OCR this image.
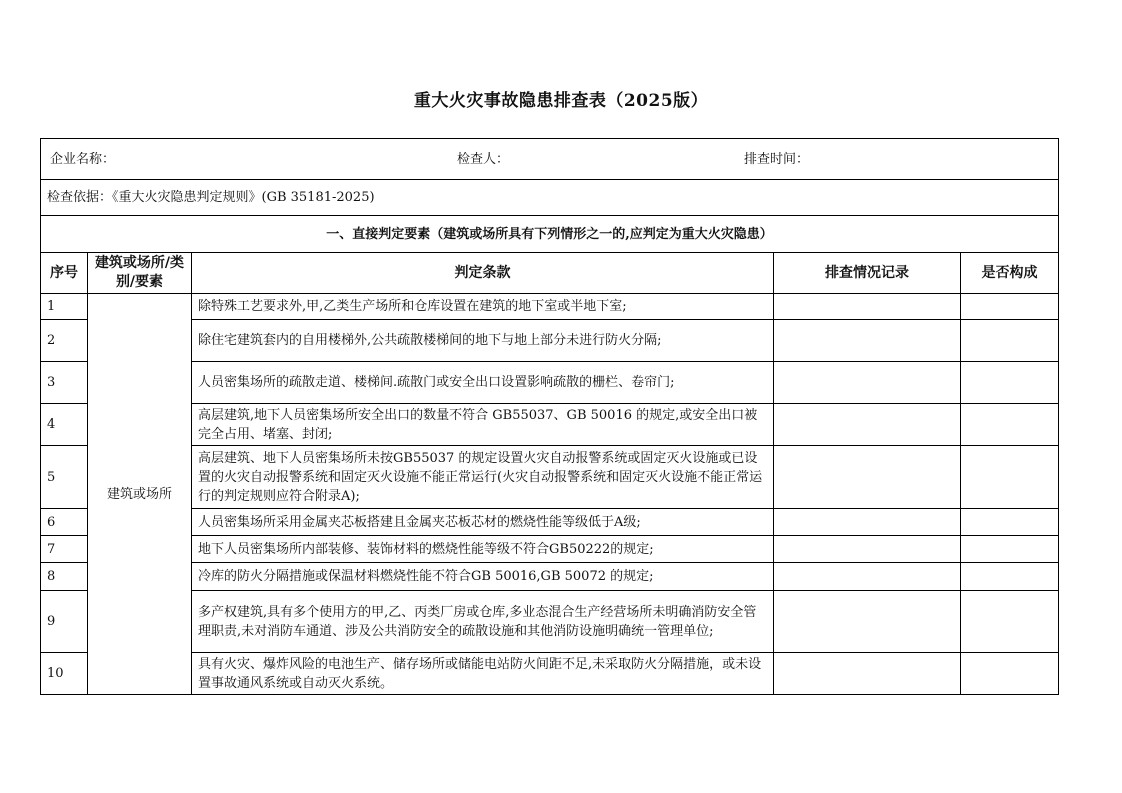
重大火灾事故隐患排查表（2025版）
企业名称： 检查人： 排查时间：				

检查依据：《重大火灾隐患判定规则》(GB 35181-2025)				
一、直接判定要素（建筑或场所具有下列情形之一的,应判定为重大火灾隐患）				
序号	建筑或场所/类别/要素	判定条款	排查情况记录	是否构成
1	建筑或场所	除特殊工艺要求外,甲,乙类生产场所和仓库设置在建筑的地下室或半地下室;		
2		除住宅建筑套内的自用楼梯外,公共疏散楼梯间的地下与地上部分未进行防火分隔;		
3		人员密集场所的疏散走道、楼梯间.疏散门或安全出口设置影响疏散的栅栏、卷帘门;		
4		高层建筑,地下人员密集场所安全出口的数量不符合 GB55037、GB 50016 的规定,或安全出口被完全占用、堵塞、封闭;		
5		高层建筑、地下人员密集场所未按GB55037 的规定设置火灾自动报警系统或固定灭火设施或已设置的火灾自动报警系统和固定灭火设施不能正常运行(火灾自动报警系统和固定灭火设施不能正常运行的判定规则应符合附录A);		
6		人员密集场所采用金属夹芯板搭建且金属夹芯板芯材的燃烧性能等级低于A级;		
7		地下人员密集场所内部装修、装饰材料的燃烧性能等级不符合GB50222的规定;		
8		冷库的防火分隔措施或保温材料燃烧性能不符合GB 50016,GB 50072 的规定;		
9		多产权建筑,具有多个使用方的甲,乙、丙类厂房或仓库,多业态混合生产经营场所未明确消防安全管理职责,未对消防车通道、涉及公共消防安全的疏散设施和其他消防设施明确统一管理单位;		
10		具有火灾、爆炸风险的电池生产、储存场所或储能电站防火间距不足,未采取防火分隔措施，或未设置事故通风系统或自动灭火系统。		
